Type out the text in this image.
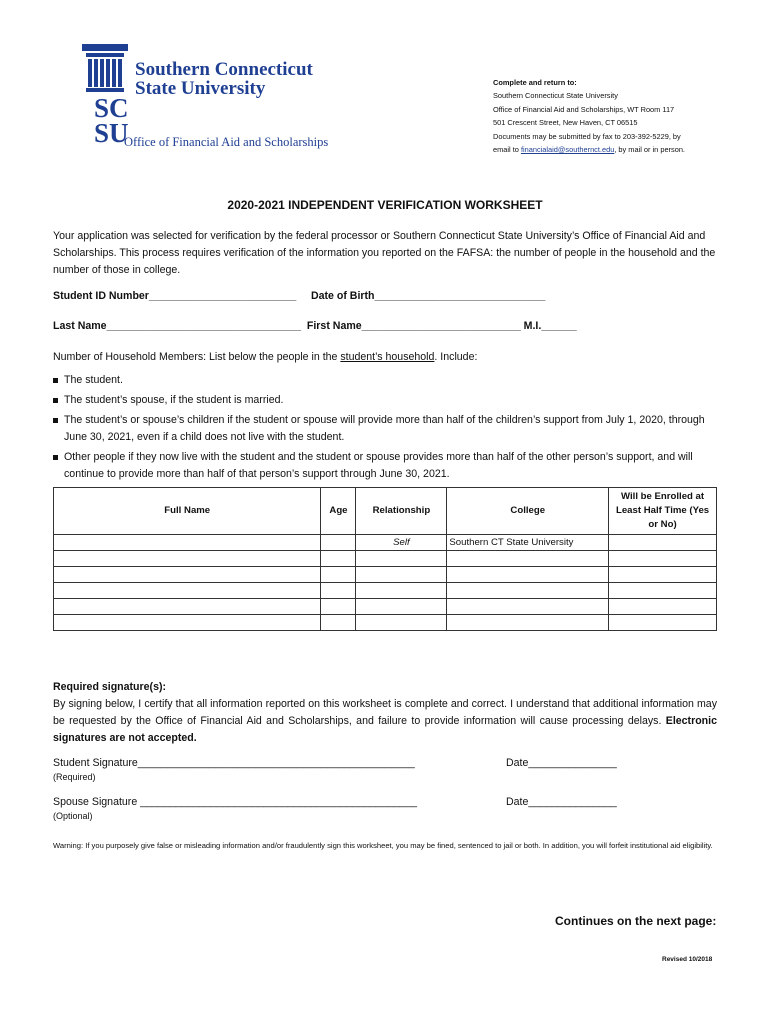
SC
SU
Southern Connecticut
State University
Office of Financial Aid and Scholarships
Complete and return to:
Southern Connecticut State University
Office of Financial Aid and Scholarships, WT Room 117
501 Crescent Street, New Haven, CT 06515
Documents may be submitted by fax to 203-392-5229, by
email to financialaid@southernct.edu, by mail or in person.
2020-2021 INDEPENDENT VERIFICATION WORKSHEET
Your application was selected for verification by the federal processor or Southern Connecticut State University’s Office of Financial Aid and Scholarships. This process requires verification of the information you reported on the FAFSA: the number of people in the household and the number of those in college.
Student ID Number_________________________     Date of Birth_____________________________
Last Name_________________________________  First Name___________________________ M.I.______
Number of Household Members: List below the people in the student’s household. Include:
The student.
The student’s spouse, if the student is married.
The student’s or spouse’s children if the student or spouse will provide more than half of the children’s support from July 1, 2020, through June 30, 2021, even if a child does not live with the student.
Other people if they now live with the student and the student or spouse provides more than half of the other person’s support, and will continue to provide more than half of that person’s support through June 30, 2021.
Full Name	Age	Relationship	College	Will be Enrolled at Least Half Time (Yes or No)
		Self	Southern CT State University	

Required signature(s):
By signing below, I certify that all information reported on this worksheet is complete and correct. I understand that additional information may be requested by the Office of Financial Aid and Scholarships, and failure to provide information will cause processing delays. Electronic signatures are not accepted.
Student Signature_______________________________________________
(Required)
Date_______________
Spouse Signature _______________________________________________
(Optional)
Date_______________
Warning: If you purposely give false or misleading information and/or fraudulently sign this worksheet, you may be fined, sentenced to jail or both. In addition, you will forfeit institutional aid eligibility.
Continues on the next page:
Revised 10/2018
